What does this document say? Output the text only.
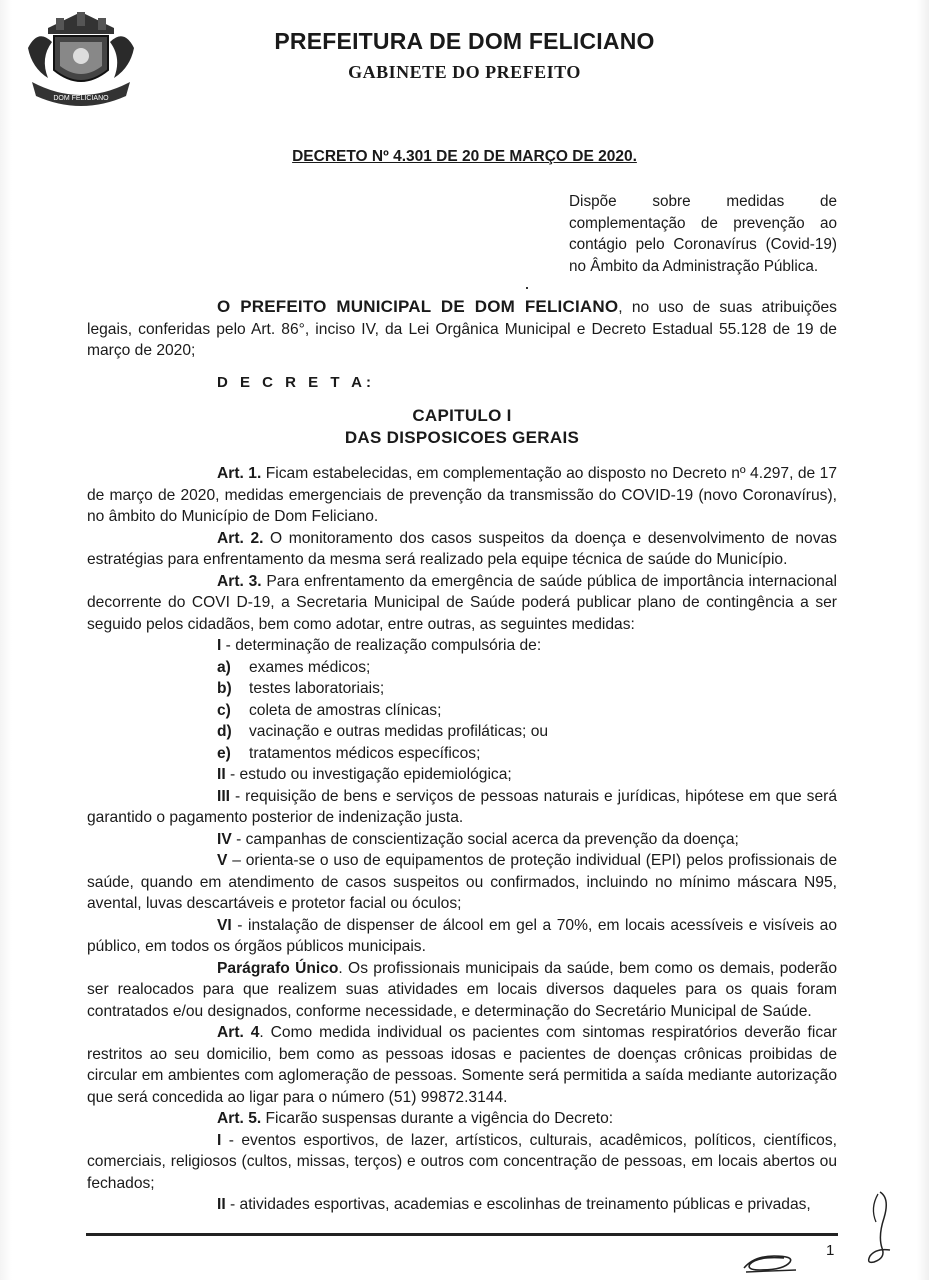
DOM FELICIANO
PREFEITURA DE DOM FELICIANO
GABINETE DO PREFEITO
DECRETO Nº 4.301 DE 20 DE MARÇO DE 2020.
Dispõe sobre medidas de
complementação de prevenção ao
contágio pelo Coronavírus (Covid-19)
no Âmbito da Administração Pública.

O PREFEITO MUNICIPAL DE DOM FELICIANO, no uso de suas atribuições legais, conferidas pelo Art. 86°, inciso IV, da Lei Orgânica Municipal e Decreto Estadual 55.128 de 19 de março de 2020;

D E C R E T A:

CAPITULO I
DAS DISPOSICOES GERAIS

Art. 1. Ficam estabelecidas, em complementação ao disposto no Decreto nº 4.297, de 17 de março de 2020, medidas emergenciais de prevenção da transmissão do COVID-19 (novo Coronavírus), no âmbito do Município de Dom Feliciano.

Art. 2. O monitoramento dos casos suspeitos da doença e desenvolvimento de novas estratégias para enfrentamento da mesma será realizado pela equipe técnica de saúde do Município.

Art. 3. Para enfrentamento da emergência de saúde pública de importância internacional decorrente do COVI D-19, a Secretaria Municipal de Saúde poderá publicar plano de contingência a ser seguido pelos cidadãos, bem como adotar, entre outras, as seguintes medidas:

I - determinação de realização compulsória de:

a)	exames médicos;

b)	testes laboratoriais;

c)	coleta de amostras clínicas;

d)	vacinação e outras medidas profiláticas; ou

e)	tratamentos médicos específicos;

II - estudo ou investigação epidemiológica;

III - requisição de bens e serviços de pessoas naturais e jurídicas, hipótese em que será garantido o pagamento posterior de indenização justa.

IV - campanhas de conscientização social acerca da prevenção da doença;

V – orienta-se o uso de equipamentos de proteção individual (EPI) pelos profissionais de saúde, quando em atendimento de casos suspeitos ou confirmados, incluindo no mínimo máscara N95, avental, luvas descartáveis e protetor facial ou óculos;

VI - instalação de dispenser de álcool em gel a 70%, em locais acessíveis e visíveis ao público, em todos os órgãos públicos municipais.

Parágrafo Único. Os profissionais municipais da saúde, bem como os demais, poderão ser realocados para que realizem suas atividades em locais diversos daqueles para os quais foram contratados e/ou designados, conforme necessidade, e determinação do Secretário Municipal de Saúde.

Art. 4. Como medida individual os pacientes com sintomas respiratórios deverão ficar restritos ao seu domicilio, bem como as pessoas idosas e pacientes de doenças crônicas proibidas de circular em ambientes com aglomeração de pessoas. Somente será permitida a saída mediante autorização que será concedida ao ligar para o número (51) 99872.3144.

Art. 5. Ficarão suspensas durante a vigência do Decreto:

I - eventos esportivos, de lazer, artísticos, culturais, acadêmicos, políticos, científicos, comerciais, religiosos (cultos, missas, terços) e outros com concentração de pessoas, em locais abertos ou fechados;

II - atividades esportivas, academias e escolinhas de treinamento públicas e privadas,

1
